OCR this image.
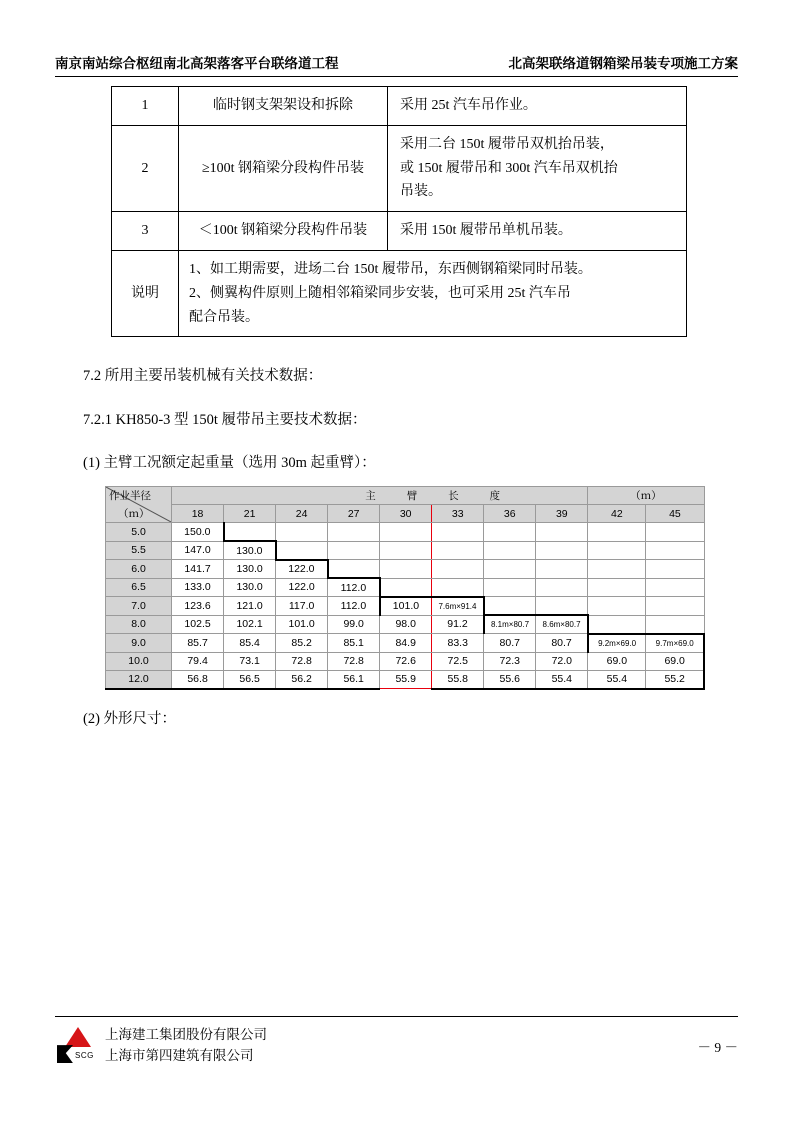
南京南站综合枢纽南北高架落客平台联络道工程	北高架联络道钢箱梁吊装专项施工方案
1	临时钢支架架设和拆除	采用 25t 汽车吊作业。

2	≥100t 钢箱梁分段构件吊装	采用二台 150t 履带吊双机抬吊装，
或 150t 履带吊和 300t 汽车吊双机抬
吊装。

3	＜100t 钢箱梁分段构件吊装	采用 150t 履带吊单机吊装。

说明	1、如工期需要，进场二台 150t 履带吊，东西侧钢箱梁同时吊装。
2、侧翼构件原则上随相邻箱梁同步安装，也可采用 25t 汽车吊
配合吊装。	

7.2 所用主要吊装机械有关技术数据：

7.2.1 KH850-3 型 150t 履带吊主要技术数据：

(1) 主臂工况额定起重量（选用 30m 起重臂）：

作业半径
（ｍ）	主 臂 长 度								（ｍ）	
	18	21	24	27	30	33	36	39	42	45
5.0	150.0									
5.5	147.0	130.0								
6.0	141.7	130.0	122.0							
6.5	133.0	130.0	122.0	112.0						
7.0	123.6	121.0	117.0	112.0	101.0	7.6m×91.4				
8.0	102.5	102.1	101.0	99.0	98.0	91.2	8.1m×80.7	8.6m×80.7		
9.0	85.7	85.4	85.2	85.1	84.9	83.3	80.7	80.7	9.2m×69.0	9.7m×69.0
10.0	79.4	73.1	72.8	72.8	72.6	72.5	72.3	72.0	69.0	69.0
12.0	56.8	56.5	56.2	56.1	55.9	55.8	55.6	55.4	55.4	55.2

(2) 外形尺寸：

SCG
上海建工集团股份有限公司
上海市第四建筑有限公司
－ 9 －
